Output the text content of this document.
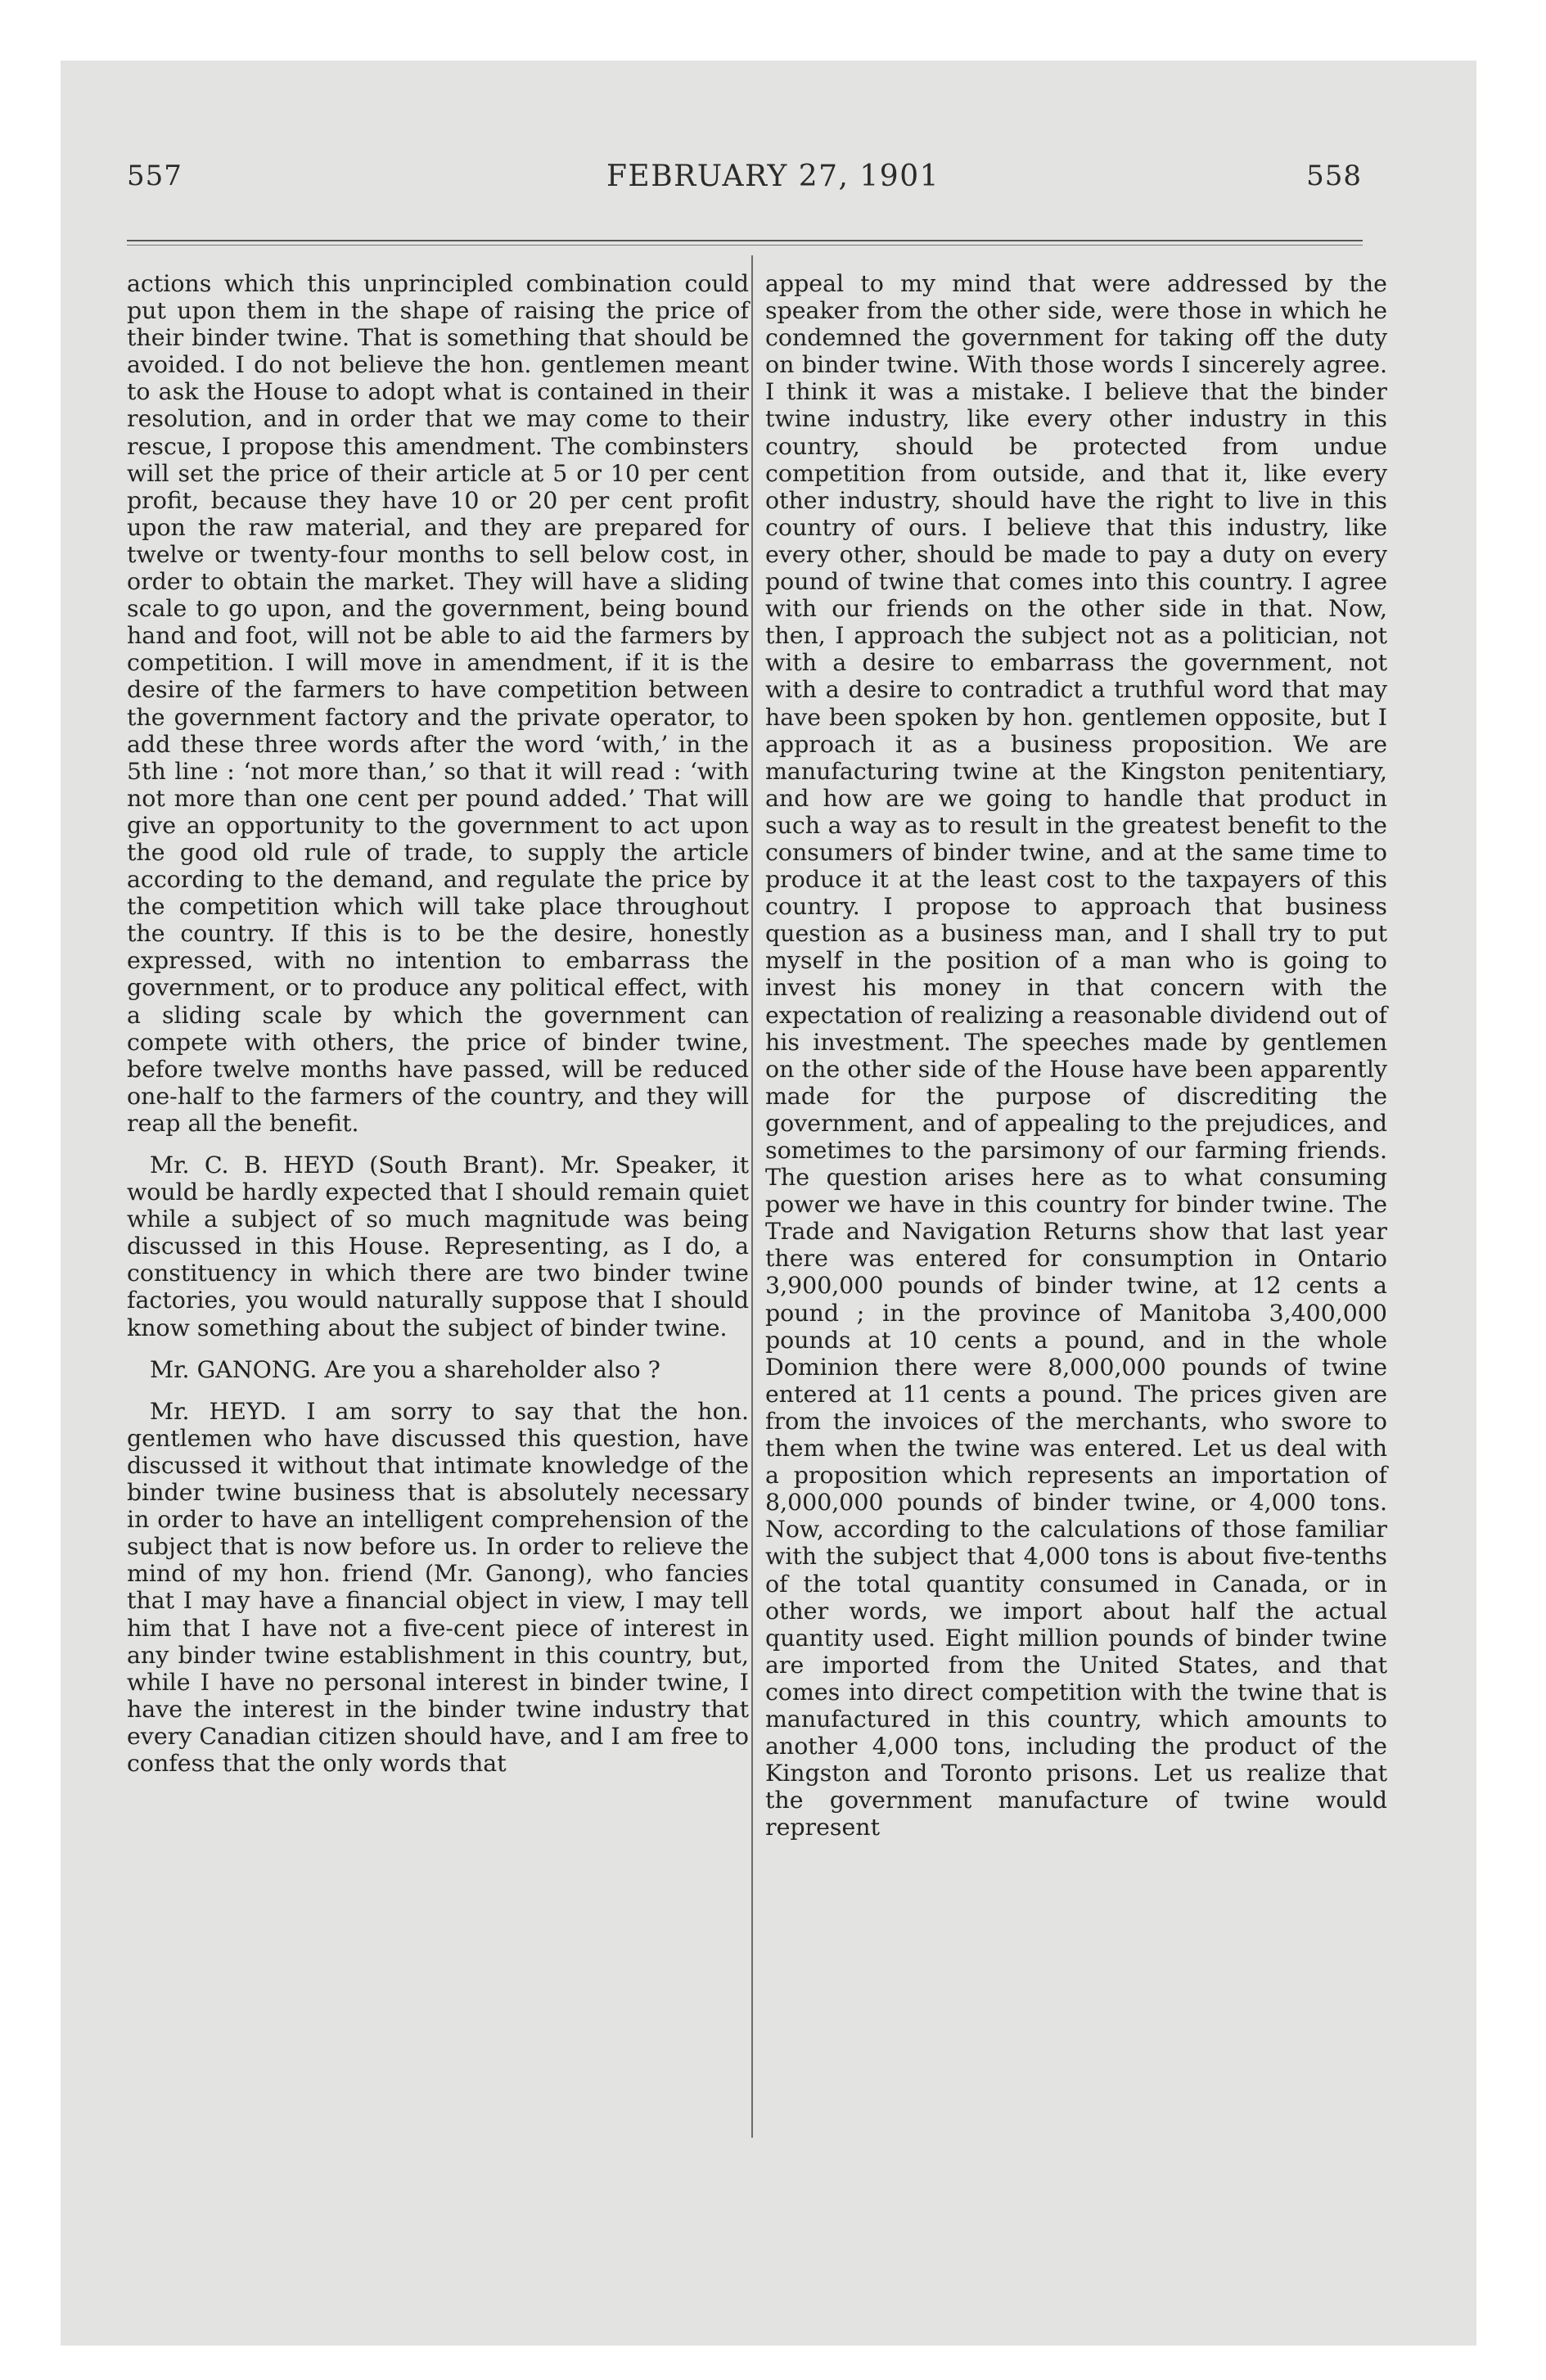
557	FEBRUARY 27, 1901	558

actions which this unprincipled combination could put upon them in the shape of raising the price of their binder twine. That is something that should be avoided. I do not believe the hon. gentlemen meant to ask the House to adopt what is contained in their resolution, and in order that we may come to their rescue, I propose this amendment. The combinsters will set the price of their article at 5 or 10 per cent profit, because they have 10 or 20 per cent profit upon the raw material, and they are prepared for twelve or twenty-four months to sell below cost, in order to obtain the market. They will have a sliding scale to go upon, and the government, being bound hand and foot, will not be able to aid the farmers by competition. I will move in amendment, if it is the desire of the farmers to have competition between the government factory and the private operator, to add these three words after the word ‘with,’ in the 5th line : ‘not more than,’ so that it will read : ‘with not more than one cent per pound added.’ That will give an opportunity to the government to act upon the good old rule of trade, to supply the article according to the demand, and regulate the price by the competition which will take place throughout the country. If this is to be the desire, honestly expressed, with no intention to embarrass the government, or to produce any political effect, with a sliding scale by which the government can compete with others, the price of binder twine, before twelve months have passed, will be reduced one-half to the farmers of the country, and they will reap all the benefit.

Mr. C. B. HEYD (South Brant). Mr. Speaker, it would be hardly expected that I should remain quiet while a subject of so much magnitude was being discussed in this House. Representing, as I do, a constituency in which there are two binder twine factories, you would naturally suppose that I should know something about the subject of binder twine.

Mr. GANONG. Are you a shareholder also ?

Mr. HEYD. I am sorry to say that the hon. gentlemen who have discussed this question, have discussed it without that intimate knowledge of the binder twine business that is absolutely necessary in order to have an intelligent comprehension of the subject that is now before us. In order to relieve the mind of my hon. friend (Mr. Ganong), who fancies that I may have a financial object in view, I may tell him that I have not a five-cent piece of interest in any binder twine establishment in this country, but, while I have no personal interest in binder twine, I have the interest in the binder twine industry that every Canadian citizen should have, and I am free to confess that the only words that

appeal to my mind that were addressed by the speaker from the other side, were those in which he condemned the government for taking off the duty on binder twine. With those words I sincerely agree. I think it was a mistake. I believe that the binder twine industry, like every other industry in this country, should be protected from undue competition from outside, and that it, like every other industry, should have the right to live in this country of ours. I believe that this industry, like every other, should be made to pay a duty on every pound of twine that comes into this country. I agree with our friends on the other side in that. Now, then, I approach the subject not as a politician, not with a desire to embarrass the government, not with a desire to contradict a truthful word that may have been spoken by hon. gentlemen opposite, but I approach it as a business proposition. We are manufacturing twine at the Kingston penitentiary, and how are we going to handle that product in such a way as to result in the greatest benefit to the consumers of binder twine, and at the same time to produce it at the least cost to the taxpayers of this country. I propose to approach that business question as a business man, and I shall try to put myself in the position of a man who is going to invest his money in that concern with the expectation of realizing a reasonable dividend out of his investment. The speeches made by gentlemen on the other side of the House have been apparently made for the purpose of discrediting the government, and of appealing to the prejudices, and sometimes to the parsimony of our farming friends. The question arises here as to what consuming power we have in this country for binder twine. The Trade and Navigation Returns show that last year there was entered for consumption in Ontario 3,900,000 pounds of binder twine, at 12 cents a pound ; in the province of Manitoba 3,400,000 pounds at 10 cents a pound, and in the whole Dominion there were 8,000,000 pounds of twine entered at 11 cents a pound. The prices given are from the invoices of the merchants, who swore to them when the twine was entered. Let us deal with a proposition which represents an importation of 8,000,000 pounds of binder twine, or 4,000 tons. Now, according to the calculations of those familiar with the subject that 4,000 tons is about five-tenths of the total quantity consumed in Canada, or in other words, we import about half the actual quantity used. Eight million pounds of binder twine are imported from the United States, and that comes into direct competition with the twine that is manufactured in this country, which amounts to another 4,000 tons, including the product of the Kingston and Toronto prisons. Let us realize that the government manufacture of twine would represent
